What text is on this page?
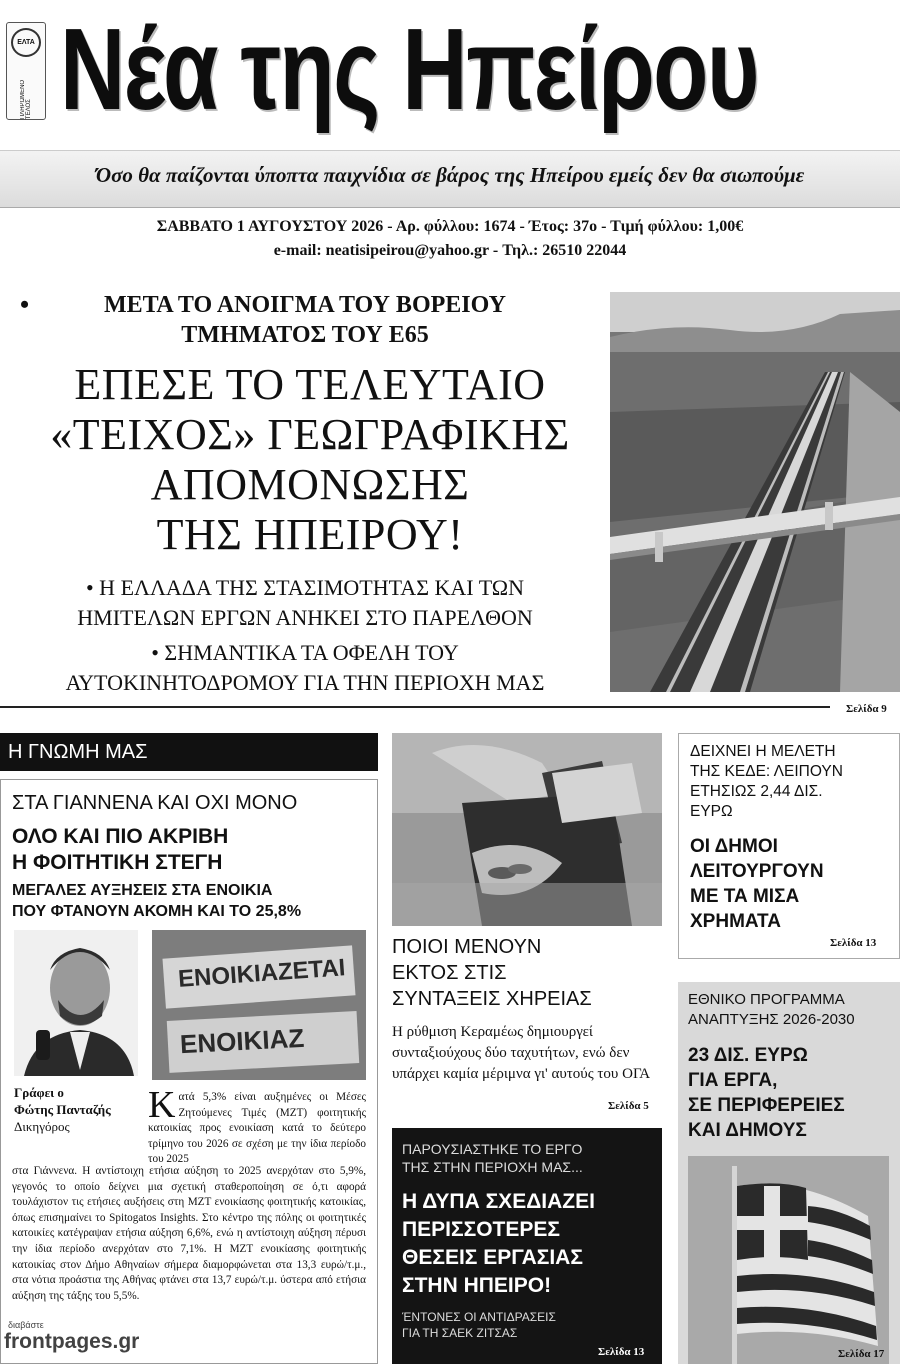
ΕΛΤΑ
ΠΛΗΡΩΜΕΝΟ ΤΕΛΟΣ Νέα της Ηπείρου
Όσο θα παίζονται ύποπτα παιχνίδια σε βάρος της Ηπείρου εμείς δεν θα σιωπούμε
ΣΑΒΒΑΤΟ 1 ΑΥΓΟΥΣΤΟΥ 2026 - Αρ. φύλλου: 1674 - Έτος: 37ο - Τιμή φύλλου: 1,00€
e-mail: neatisipeirou@yahoo.gr - Τηλ.: 26510 22044
•	ΜΕΤΑ ΤΟ ΑΝΟΙΓΜΑ ΤΟΥ ΒΟΡΕΙΟΥ
ΤΜΗΜΑΤΟΣ ΤΟΥ Ε65
ΕΠΕΣΕ ΤΟ ΤΕΛΕΥΤΑΙΟ
«ΤΕΙΧΟΣ» ΓΕΩΓΡΑΦΙΚΗΣ
ΑΠΟΜΟΝΩΣΗΣ
ΤΗΣ ΗΠΕΙΡΟΥ!
• Η ΕΛΛΑΔΑ ΤΗΣ ΣΤΑΣΙΜΟΤΗΤΑΣ ΚΑΙ ΤΩΝ
ΗΜΙΤΕΛΩΝ ΕΡΓΩΝ ΑΝΗΚΕΙ ΣΤΟ ΠΑΡΕΛΘΟΝ
• ΣΗΜΑΝΤΙΚΑ ΤΑ ΟΦΕΛΗ ΤΟΥ
ΑΥΤΟΚΙΝΗΤΟΔΡΟΜΟΥ ΓΙΑ ΤΗΝ ΠΕΡΙΟΧΗ ΜΑΣ
Σελίδα 9
Η ΓΝΩΜΗ ΜΑΣ
ΣΤΑ ΓΙΑΝΝΕΝΑ ΚΑΙ ΟΧΙ ΜΟΝΟ
ΟΛΟ ΚΑΙ ΠΙΟ ΑΚΡΙΒΗ
Η ΦΟΙΤΗΤΙΚΗ ΣΤΕΓΗ
ΜΕΓΑΛΕΣ ΑΥΞΗΣΕΙΣ ΣΤΑ ΕΝΟΙΚΙΑ
ΠΟΥ ΦΤΑΝΟΥΝ ΑΚΟΜΗ ΚΑΙ ΤΟ 25,8%
ΕΝΟΙΚΙΑΖΕΤΑΙ
ΕΝΟΙΚΙΑΖ
Γράφει ο
Φώτης Πανταζής
Δικηγόρος
Κατά 5,3% είναι αυξημένες οι Μέσες Ζητούμενες Τιμές (ΜΖΤ) φοιτητικής κατοικίας προς ενοικίαση κατά το δεύτερο τρίμηνο του 2026 σε σχέση με την ίδια περίοδο του 2025
στα Γιάννενα. Η αντίστοιχη ετήσια αύξηση το 2025 ανερχόταν στο 5,9%, γεγονός το οποίο δείχνει μια σχετική σταθεροποίηση σε ό,τι αφορά τουλάχιστον τις ετήσιες αυξήσεις στη ΜΖΤ ενοικίασης φοιτητικής κατοικίας, όπως επισημαίνει το Spitogatos Insights. Στο κέντρο της πόλης οι φοιτητικές κατοικίες κατέγραψαν ετήσια αύξηση 6,6%, ενώ η αντίστοιχη αύξηση πέρυσι την ίδια περίοδο ανερχόταν στο 7,1%. Η ΜΖΤ ενοικίασης φοιτητικής κατοικίας στον Δήμο Αθηναίων σήμερα διαμορφώνεται στα 13,3 ευρώ/τ.μ., στα νότια προάστια της Αθήνας φτάνει στα 13,7 ευρώ/τ.μ. ύστερα από ετήσια αύξηση της τάξης του 5,5%.
ΠΟΙΟΙ ΜΕΝΟΥΝ
ΕΚΤΟΣ ΣΤΙΣ
ΣΥΝΤΑΞΕΙΣ ΧΗΡΕΙΑΣ
Η ρύθμιση Κεραμέως δημιουργεί συνταξιούχους δύο ταχυτήτων, ενώ δεν υπάρχει καμία μέριμνα γι' αυτούς του ΟΓΑ
Σελίδα 5
ΠΑΡΟΥΣΙΑΣΤΗΚΕ ΤΟ ΕΡΓΟ
ΤΗΣ ΣΤΗΝ ΠΕΡΙΟΧΗ ΜΑΣ...
Η ΔΥΠΑ ΣΧΕΔΙΑΖΕΙ
ΠΕΡΙΣΣΟΤΕΡΕΣ
ΘΕΣΕΙΣ ΕΡΓΑΣΙΑΣ
ΣΤΗΝ ΗΠΕΙΡΟ!
ΈΝΤΟΝΕΣ ΟΙ ΑΝΤΙΔΡΑΣΕΙΣ
ΓΙΑ ΤΗ ΣΑΕΚ ΖΙΤΣΑΣ
Σελίδα 13
ΔΕΙΧΝΕΙ Η ΜΕΛΕΤΗ
ΤΗΣ ΚΕΔΕ: ΛΕΙΠΟΥΝ
ΕΤΗΣΙΩΣ 2,44 ΔΙΣ.
ΕΥΡΩ
ΟΙ ΔΗΜΟΙ
ΛΕΙΤΟΥΡΓΟΥΝ
ΜΕ ΤΑ ΜΙΣΑ
ΧΡΗΜΑΤΑ
Σελίδα 13
ΕΘΝΙΚΟ ΠΡΟΓΡΑΜΜΑ
ΑΝΑΠΤΥΞΗΣ 2026-2030
23 ΔΙΣ. ΕΥΡΩ
ΓΙΑ ΕΡΓΑ,
ΣΕ ΠΕΡΙΦΕΡΕΙΕΣ
ΚΑΙ ΔΗΜΟΥΣ
Σελίδα 17
διαβάστε
frontpages.gr
